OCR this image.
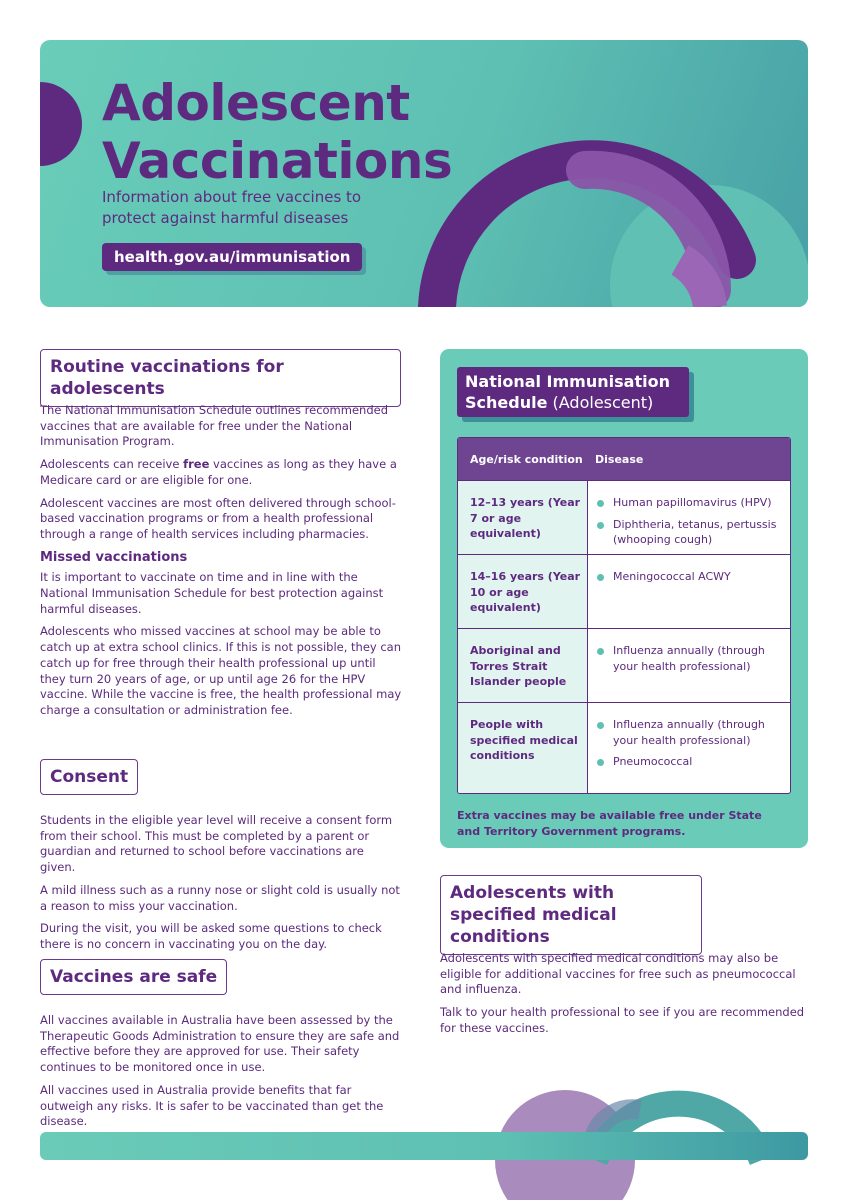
Adolescent
Vaccinations
Information about free vaccines to protect against harmful diseases
health.gov.au/immunisation
Routine vaccinations for adolescents

The National Immunisation Schedule outlines recommended vaccines that are available for free under the National Immunisation Program.

Adolescents can receive free vaccines as long as they have a Medicare card or are eligible for one.

Adolescent vaccines are most often delivered through school-based vaccination programs or from a health professional through a range of health services including pharmacies.

Missed vaccinations

It is important to vaccinate on time and in line with the National Immunisation Schedule for best protection against harmful diseases.

Adolescents who missed vaccines at school may be able to catch up at extra school clinics. If this is not possible, they can catch up for free through their health professional up until they turn 20 years of age, or up until age 26 for the HPV vaccine. While the vaccine is free, the health professional may charge a consultation or administration fee.

Consent

Students in the eligible year level will receive a consent form from their school. This must be completed by a parent or guardian and returned to school before vaccinations are given.

A mild illness such as a runny nose or slight cold is usually not a reason to miss your vaccination.

During the visit, you will be asked some questions to check there is no concern in vaccinating you on the day.

Vaccines are safe

All vaccines available in Australia have been assessed by the Therapeutic Goods Administration to ensure they are safe and effective before they are approved for use. Their safety continues to be monitored once in use.

All vaccines used in Australia provide benefits that far outweigh any risks. It is safer to be vaccinated than get the disease.

National Immunisation Schedule (Adolescent)
Age/risk condition	Disease
12–13 years (Year 7 or age equivalent)
Human papillomavirus (HPV)
Diphtheria, tetanus, pertussis (whooping cough)
14–16 years (Year 10 or age equivalent)
Meningococcal ACWY
Aboriginal and Torres Strait Islander people
Influenza annually (through your health professional)
People with specified medical conditions
Influenza annually (through your health professional)
Pneumococcal
Extra vaccines may be available free under State and Territory Government programs.
Adolescents with specified medical conditions

Adolescents with specified medical conditions may also be eligible for additional vaccines for free such as pneumococcal and influenza.

Talk to your health professional to see if you are recommended for these vaccines.
